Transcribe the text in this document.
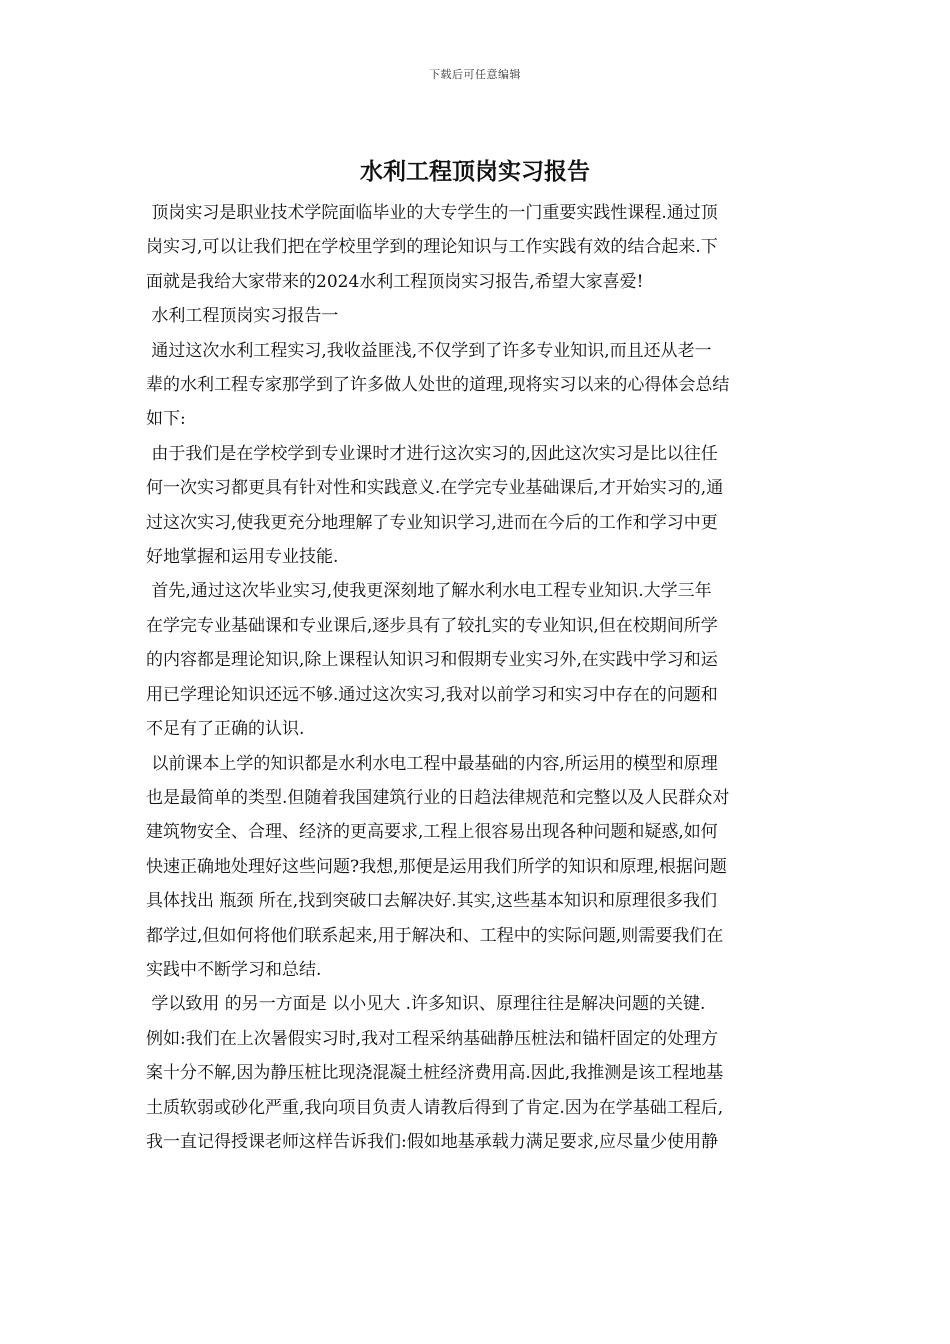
下载后可任意编辑
水利工程顶岗实习报告
顶岗实习是职业技术学院面临毕业的大专学生的一门重要实践性课程.通过顶
岗实习,可以让我们把在学校里学到的理论知识与工作实践有效的结合起来.下
面就是我给大家带来的2024水利工程顶岗实习报告,希望大家喜爱!
水利工程顶岗实习报告一
通过这次水利工程实习,我收益匪浅,不仅学到了许多专业知识,而且还从老一
辈的水利工程专家那学到了许多做人处世的道理,现将实习以来的心得体会总结
如下:
由于我们是在学校学到专业课时才进行这次实习的,因此这次实习是比以往任
何一次实习都更具有针对性和实践意义.在学完专业基础课后,才开始实习的,通
过这次实习,使我更充分地理解了专业知识学习,进而在今后的工作和学习中更
好地掌握和运用专业技能.
首先,通过这次毕业实习,使我更深刻地了解水利水电工程专业知识.大学三年
在学完专业基础课和专业课后,逐步具有了较扎实的专业知识,但在校期间所学
的内容都是理论知识,除上课程认知识习和假期专业实习外,在实践中学习和运
用已学理论知识还远不够.通过这次实习,我对以前学习和实习中存在的问题和
不足有了正确的认识.
以前课本上学的知识都是水利水电工程中最基础的内容,所运用的模型和原理
也是最简单的类型.但随着我国建筑行业的日趋法律规范和完整以及人民群众对
建筑物安全、合理、经济的更高要求,工程上很容易出现各种问题和疑惑,如何
快速正确地处理好这些问题?我想,那便是运用我们所学的知识和原理,根据问题
具体找出 瓶颈 所在,找到突破口去解决好.其实,这些基本知识和原理很多我们
都学过,但如何将他们联系起来,用于解决和、工程中的实际问题,则需要我们在
实践中不断学习和总结.
学以致用 的另一方面是 以小见大 .许多知识、原理往往是解决问题的关键.
例如:我们在上次暑假实习时,我对工程采纳基础静压桩法和锚杆固定的处理方
案十分不解,因为静压桩比现浇混凝土桩经济费用高.因此,我推测是该工程地基
土质软弱或砂化严重,我向项目负责人请教后得到了肯定.因为在学基础工程后,
我一直记得授课老师这样告诉我们:假如地基承载力满足要求,应尽量少使用静
